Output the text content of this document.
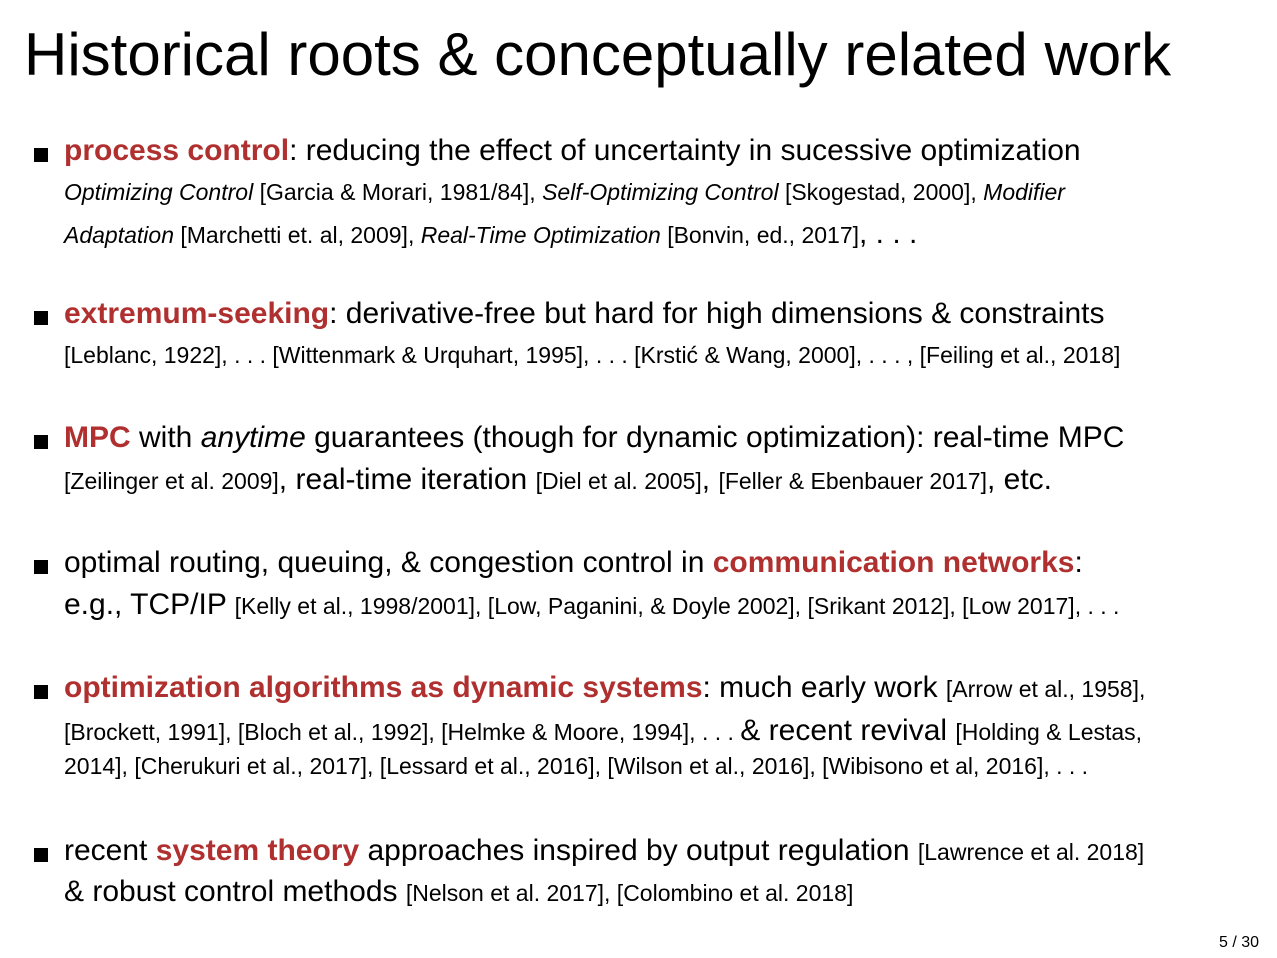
Historical roots & conceptually related work
process control: reducing the effect of uncertainty in sucessive optimization
Optimizing Control [Garcia & Morari, 1981/84], Self-Optimizing Control [Skogestad, 2000], Modifier
Adaptation [Marchetti et. al, 2009], Real-Time Optimization [Bonvin, ed., 2017], . . .
extremum-seeking: derivative-free but hard for high dimensions & constraints
[Leblanc, 1922], . . . [Wittenmark & Urquhart, 1995], . . . [Krstić & Wang, 2000], . . . , [Feiling et al., 2018]
MPC with anytime guarantees (though for dynamic optimization): real-time MPC
[Zeilinger et al. 2009], real-time iteration [Diel et al. 2005], [Feller & Ebenbauer 2017], etc.
optimal routing, queuing, & congestion control in communication networks:
e.g., TCP/IP [Kelly et al., 1998/2001], [Low, Paganini, & Doyle 2002], [Srikant 2012], [Low 2017], . . .
optimization algorithms as dynamic systems: much early work [Arrow et al., 1958],
[Brockett, 1991], [Bloch et al., 1992], [Helmke & Moore, 1994], . . . & recent revival [Holding & Lestas,
2014], [Cherukuri et al., 2017], [Lessard et al., 2016], [Wilson et al., 2016], [Wibisono et al, 2016], . . .
recent system theory approaches inspired by output regulation [Lawrence et al. 2018]
& robust control methods [Nelson et al. 2017], [Colombino et al. 2018]
5 / 30
